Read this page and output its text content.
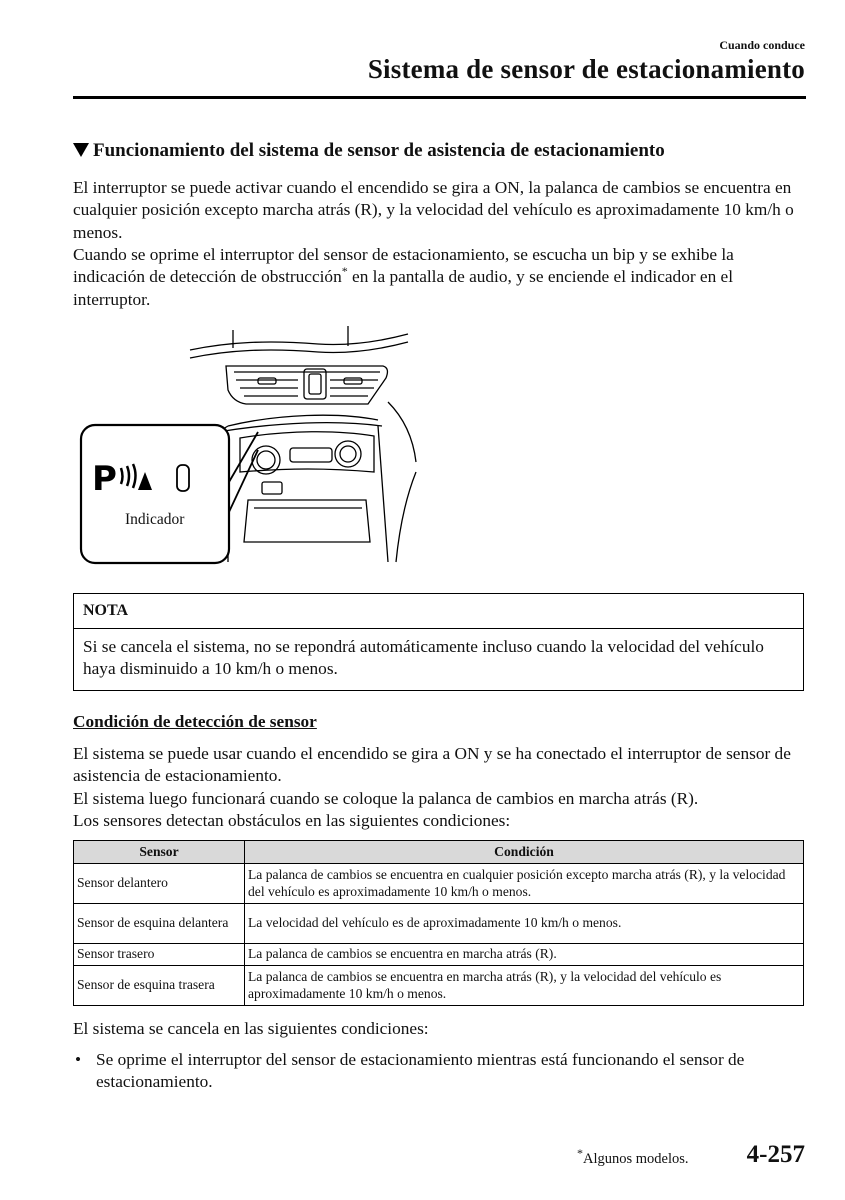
Cuando conduce
Sistema de sensor de estacionamiento
Funcionamiento del sistema de sensor de asistencia de estacionamiento
El interruptor se puede activar cuando el encendido se gira a ON, la palanca de cambios se encuentra en cualquier posición excepto marcha atrás (R), y la velocidad del vehículo es aproximadamente 10 km/h o menos.
Cuando se oprime el interruptor del sensor de estacionamiento, se escucha un bip y se exhibe la indicación de detección de obstrucción* en la pantalla de audio, y se enciende el indicador en el interruptor.
P
Indicador
NOTA
Si se cancela el sistema, no se repondrá automáticamente incluso cuando la velocidad del vehículo haya disminuido a 10 km/h o menos.
Condición de detección de sensor
El sistema se puede usar cuando el encendido se gira a ON y se ha conectado el interruptor de sensor de asistencia de estacionamiento.
El sistema luego funcionará cuando se coloque la palanca de cambios en marcha atrás (R).
Los sensores detectan obstáculos en las siguientes condiciones:
Sensor	Condición
Sensor delantero	La palanca de cambios se encuentra en cualquier posición excepto marcha atrás (R), y la velocidad del vehículo es aproximadamente 10 km/h o menos.
Sensor de esquina delantera	La velocidad del vehículo es de aproximadamente 10 km/h o menos.
Sensor trasero	La palanca de cambios se encuentra en marcha atrás (R).
Sensor de esquina trasera	La palanca de cambios se encuentra en marcha atrás (R), y la velocidad del vehículo es aproximadamente 10 km/h o menos.
El sistema se cancela en las siguientes condiciones:
• Se oprime el interruptor del sensor de estacionamiento mientras está funcionando el sensor de estacionamiento.
*Algunos modelos. 4-257
